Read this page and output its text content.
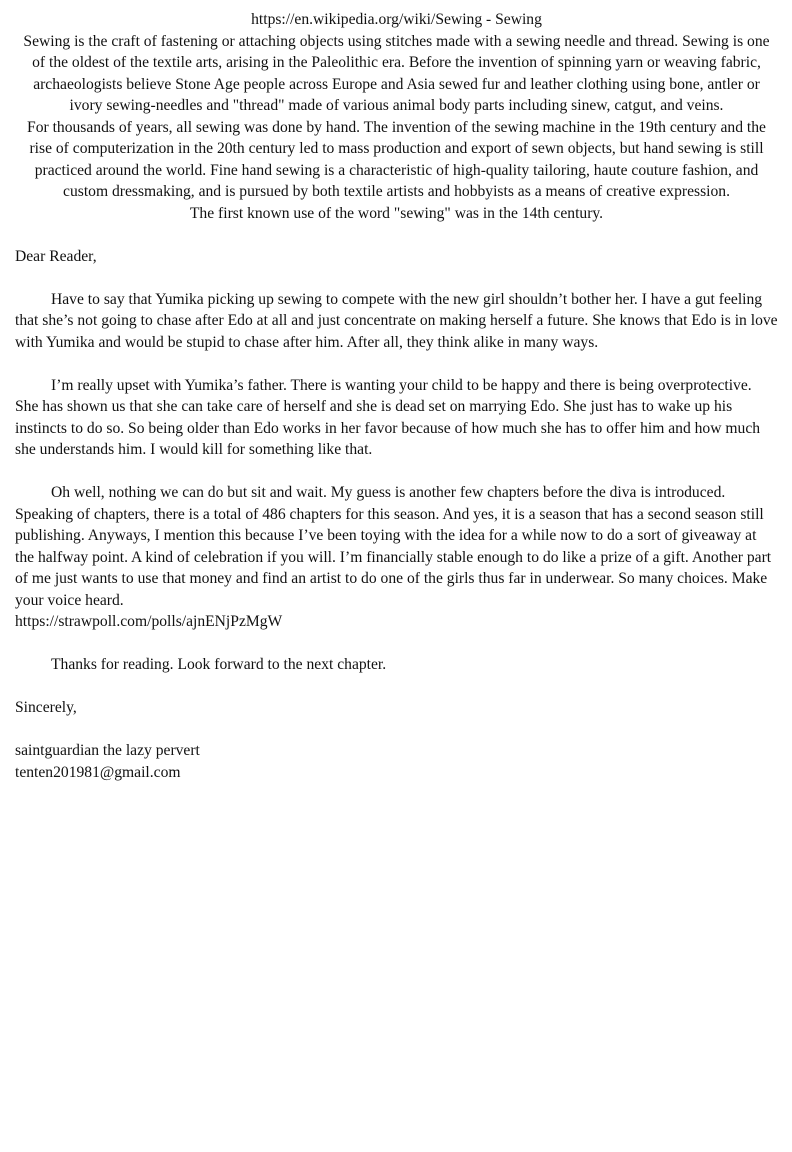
https://en.wikipedia.org/wiki/Sewing - Sewing

Sewing is the craft of fastening or attaching objects using stitches made with a sewing needle and thread. Sewing is one of the oldest of the textile arts, arising in the Paleolithic era. Before the invention of spinning yarn or weaving fabric, archaeologists believe Stone Age people across Europe and Asia sewed fur and leather clothing using bone, antler or ivory sewing-needles and "thread" made of various animal body parts including sinew, catgut, and veins.

For thousands of years, all sewing was done by hand. The invention of the sewing machine in the 19th century and the rise of computerization in the 20th century led to mass production and export of sewn objects, but hand sewing is still practiced around the world. Fine hand sewing is a characteristic of high-quality tailoring, haute couture fashion, and custom dressmaking, and is pursued by both textile artists and hobbyists as a means of creative expression.

The first known use of the word "sewing" was in the 14th century.

Dear Reader,

Have to say that Yumika picking up sewing to compete with the new girl shouldn’t bother her. I have a gut feeling that she’s not going to chase after Edo at all and just concentrate on making herself a future. She knows that Edo is in love with Yumika and would be stupid to chase after him. After all, they think alike in many ways.

I’m really upset with Yumika’s father. There is wanting your child to be happy and there is being overprotective. She has shown us that she can take care of herself and she is dead set on marrying Edo. She just has to wake up his instincts to do so. So being older than Edo works in her favor because of how much she has to offer him and how much she understands him. I would kill for something like that.

Oh well, nothing we can do but sit and wait. My guess is another few chapters before the diva is introduced. Speaking of chapters, there is a total of 486 chapters for this season. And yes, it is a season that has a second season still publishing. Anyways, I mention this because I’ve been toying with the idea for a while now to do a sort of giveaway at the halfway point. A kind of celebration if you will. I’m financially stable enough to do like a prize of a gift. Another part of me just wants to use that money and find an artist to do one of the girls thus far in underwear. So many choices. Make your voice heard.

https://strawpoll.com/polls/ajnENjPzMgW

Thanks for reading. Look forward to the next chapter.

Sincerely,

saintguardian the lazy pervert

tenten201981@gmail.com
